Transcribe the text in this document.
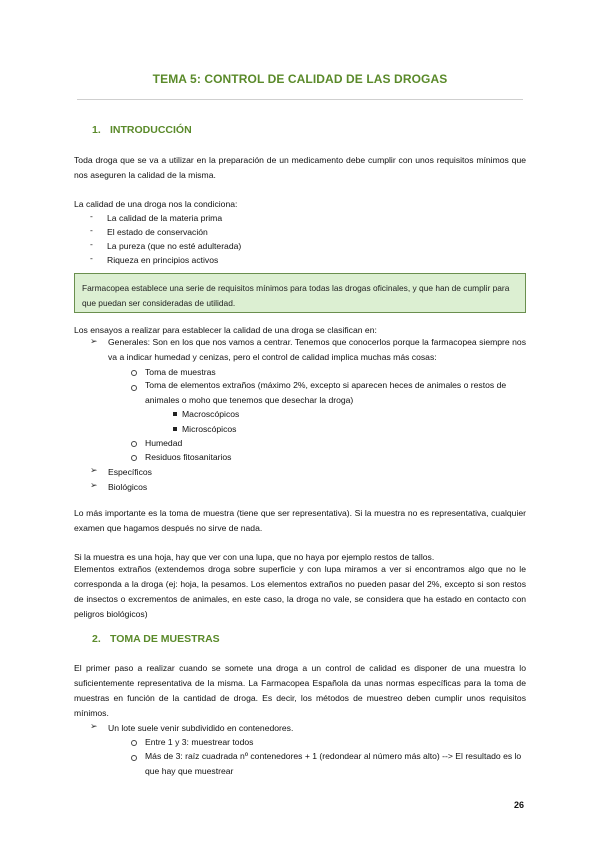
TEMA 5: CONTROL DE CALIDAD DE LAS DROGAS
1. INTRODUCCIÓN
Toda droga que se va a utilizar en la preparación de un medicamento debe cumplir con unos requisitos mínimos que nos aseguren la calidad de la misma.
La calidad de una droga nos la condiciona:
- La calidad de la materia prima
- El estado de conservación
- La pureza (que no esté adulterada)
- Riqueza en principios activos
Farmacopea establece una serie de requisitos mínimos para todas las drogas oficinales, y que han de cumplir para que puedan ser consideradas de utilidad.
Los ensayos a realizar para establecer la calidad de una droga se clasifican en:
➢ Generales: Son en los que nos vamos a centrar. Tenemos que conocerlos porque la farmacopea siempre nos va a indicar humedad y cenizas, pero el control de calidad implica muchas más cosas:
Toma de muestras
Toma de elementos extraños (máximo 2%, excepto si aparecen heces de animales o restos de animales o moho que tenemos que desechar la droga)
Macroscópicos
Microscópicos
Humedad
Residuos fitosanitarios
➢ Específicos
➢ Biológicos
Lo más importante es la toma de muestra (tiene que ser representativa). Si la muestra no es representativa, cualquier examen que hagamos después no sirve de nada.
Si la muestra es una hoja, hay que ver con una lupa, que no haya por ejemplo restos de tallos.
Elementos extraños (extendemos droga sobre superficie y con lupa miramos a ver si encontramos algo que no le corresponda a la droga (ej: hoja, la pesamos. Los elementos extraños no pueden pasar del 2%, excepto si son restos de insectos o excrementos de animales, en este caso, la droga no vale, se considera que ha estado en contacto con peligros biológicos)
2. TOMA DE MUESTRAS
El primer paso a realizar cuando se somete una droga a un control de calidad es disponer de una muestra lo suficientemente representativa de la misma. La Farmacopea Española da unas normas específicas para la toma de muestras en función de la cantidad de droga. Es decir, los métodos de muestreo deben cumplir unos requisitos mínimos.
➢ Un lote suele venir subdividido en contenedores.
Entre 1 y 3: muestrear todos
Más de 3: raíz cuadrada nº contenedores + 1 (redondear al número más alto) --> El resultado es lo que hay que muestrear
26
